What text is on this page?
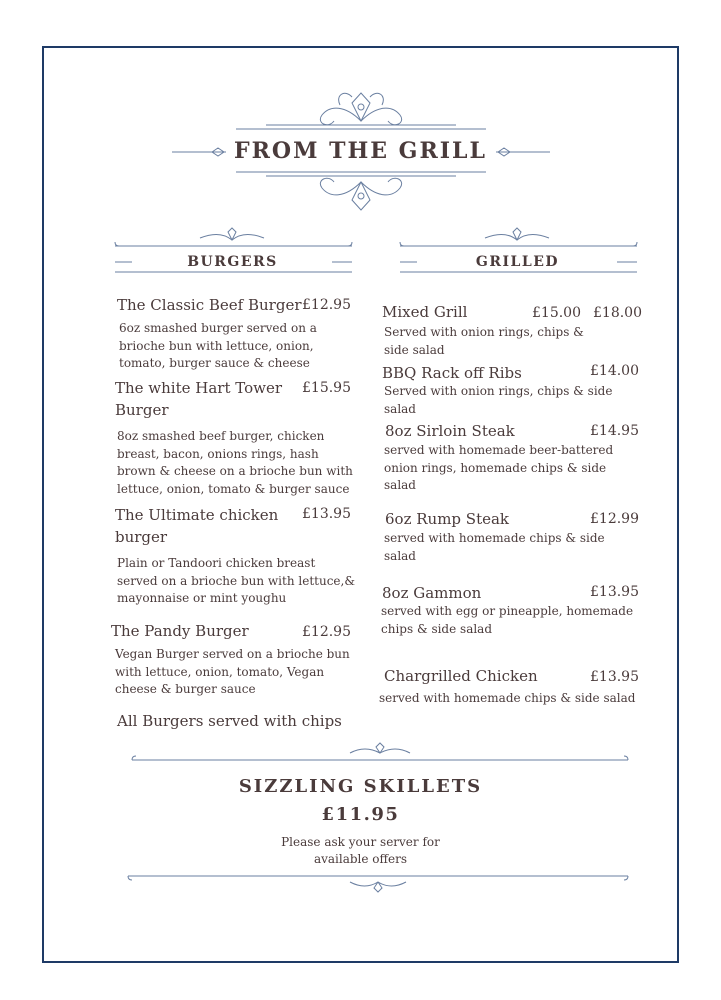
FROM THE GRILL
BURGERS	GRILLED
The Classic Beef Burger £12.95
6oz smashed burger served on a
brioche bun with lettuce, onion,
tomato, burger sauce & cheese
The white Hart Tower
Burger
£15.95
8oz smashed beef burger, chicken
breast, bacon, onions rings, hash
brown & cheese on a brioche bun with
lettuce, onion, tomato & burger sauce
The Ultimate chicken
burger
£13.95
Plain or Tandoori chicken breast
served on a brioche bun with lettuce,&
mayonnaise or mint youghu
The Pandy Burger	£12.95
Vegan Burger served on a brioche bun
with lettuce, onion, tomato, Vegan
cheese & burger sauce
All Burgers served with chips
Mixed Grill	£15.00 £18.00
Served with onion rings, chips &
side salad
BBQ Rack off Ribs	£14.00
Served with onion rings, chips & side
salad
8oz Sirloin Steak	£14.95
served with homemade beer-battered
onion rings, homemade chips & side
salad
6oz Rump Steak	£12.99
served with homemade chips & side
salad
8oz Gammon	£13.95
served with egg or pineapple, homemade
chips & side salad
Chargrilled Chicken	£13.95
served with homemade chips & side salad
SIZZLING SKILLETS
£11.95
Please ask your server for
available offers
